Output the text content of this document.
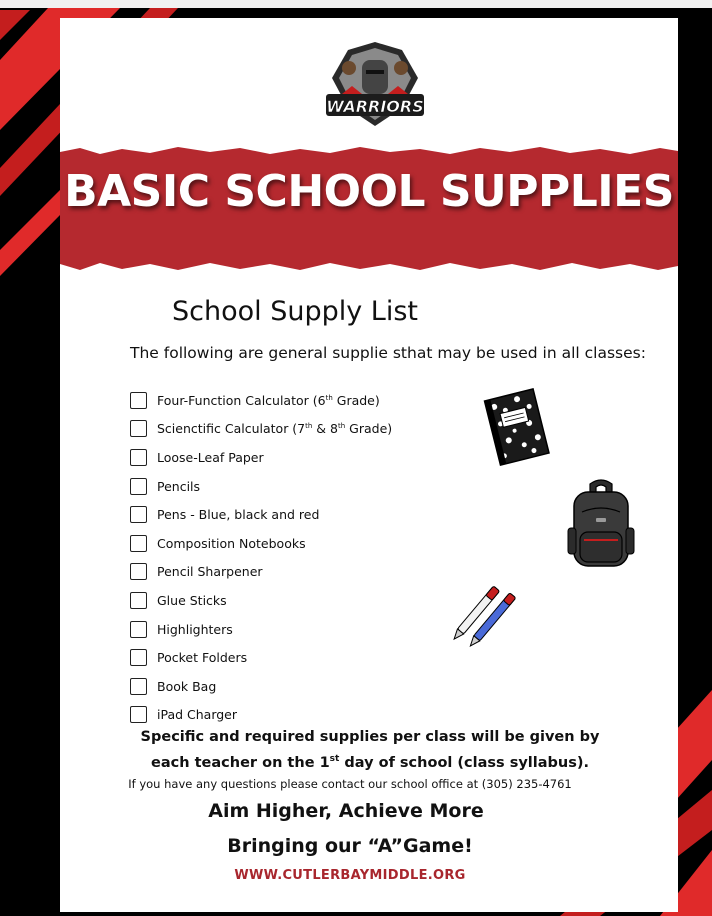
WARRIORS
BASIC SCHOOL SUPPLIES
School Supply List
The following are general supplie sthat may be used in all classes:
Four-Function Calculator (6th Grade)
Scienctific Calculator (7th & 8th Grade)
Loose-Leaf Paper
Pencils
Pens - Blue, black and red
Composition Notebooks
Pencil Sharpener
Glue Sticks
Highlighters
Pocket Folders
Book Bag
iPad Charger
Specific and required supplies per class will be given by each teacher on the 1st day of school (class syllabus).
If you have any questions please contact our school office at (305) 235-4761
Aim Higher, Achieve More
Bringing our “A”Game!
WWW.CUTLERBAYMIDDLE.ORG
